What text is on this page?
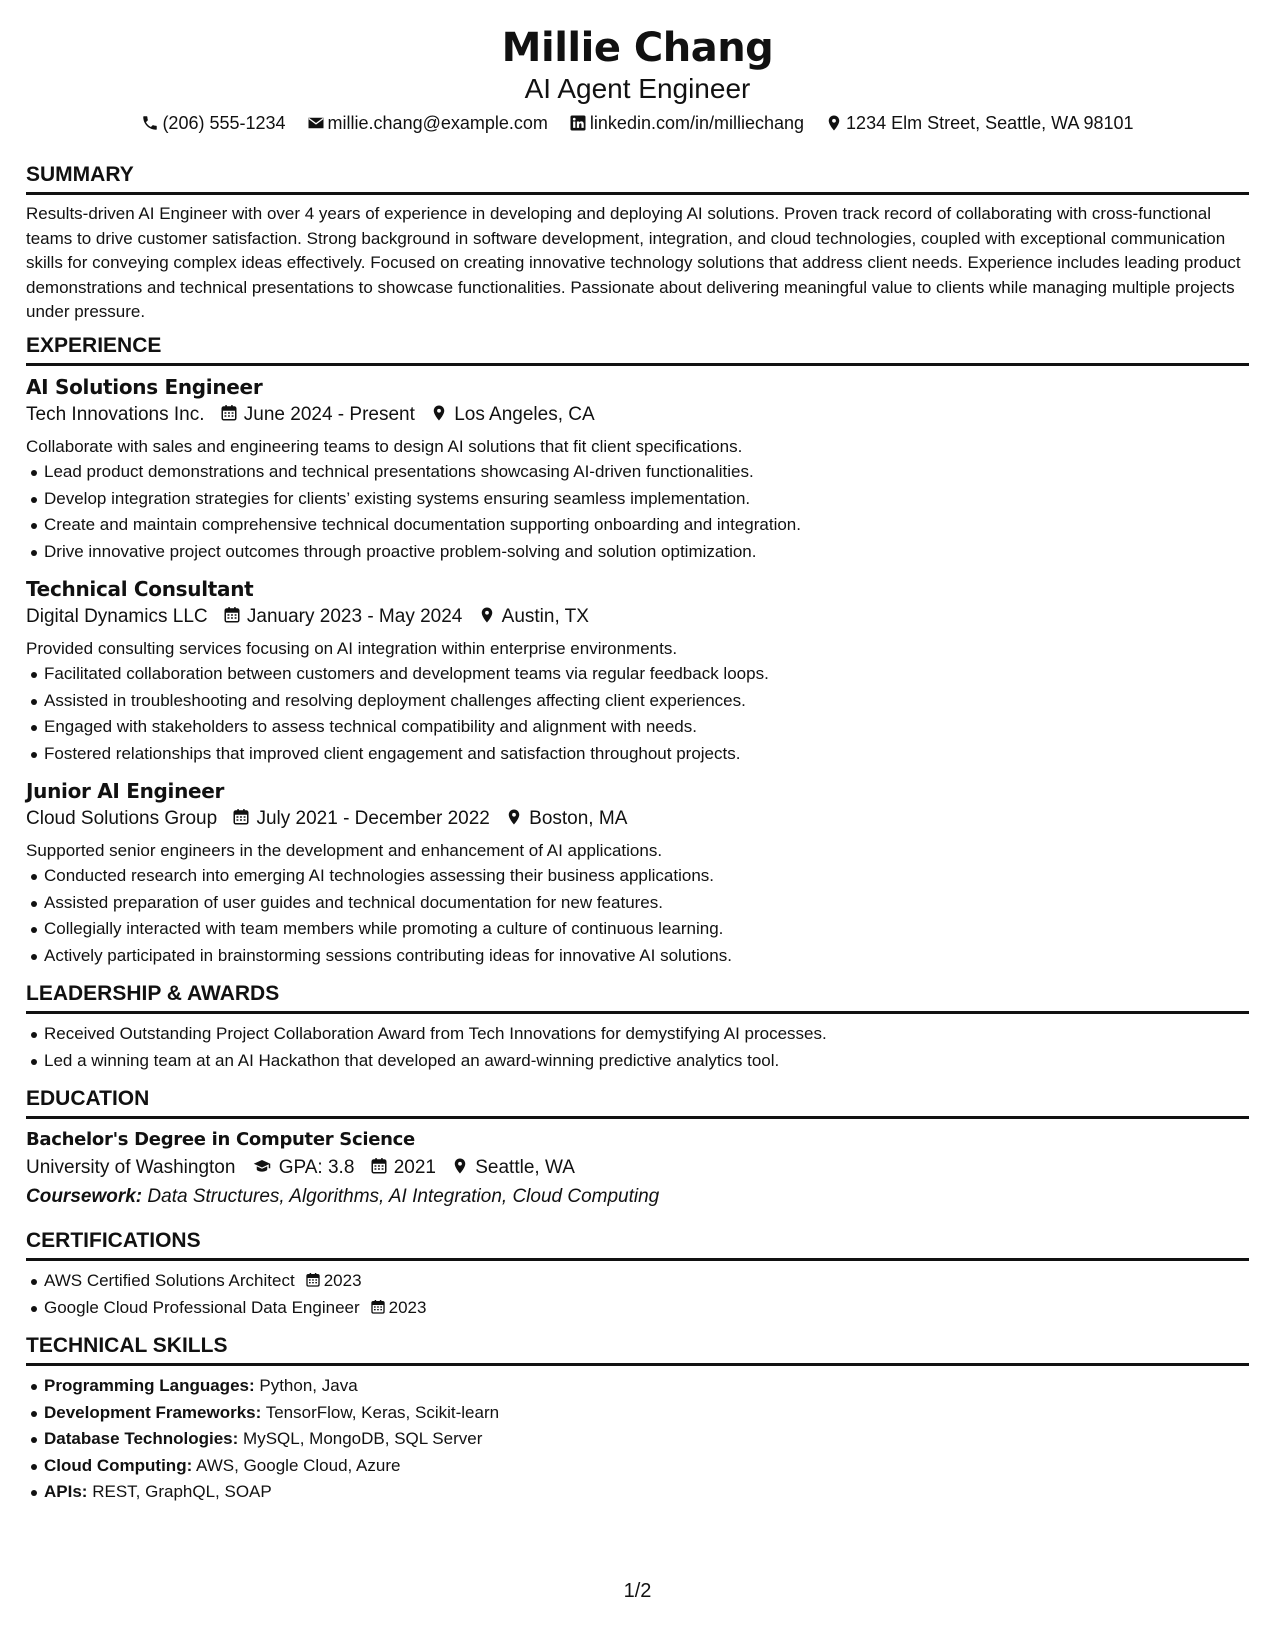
Millie Chang
AI Agent Engineer
(206) 555-1234 millie.chang@example.com linkedin.com/in/milliechang 1234 Elm Street, Seattle, WA 98101
SUMMARY

Results-driven AI Engineer with over 4 years of experience in developing and deploying AI solutions. Proven track record of collaborating with cross-functional teams to drive customer satisfaction. Strong background in software development, integration, and cloud technologies, coupled with exceptional communication skills for conveying complex ideas effectively. Focused on creating innovative technology solutions that address client needs. Experience includes leading product demonstrations and technical presentations to showcase functionalities. Passionate about delivering meaningful value to clients while managing multiple projects under pressure.

EXPERIENCE
AI Solutions Engineer
Tech Innovations Inc. June 2024 - Present Los Angeles, CA
Collaborate with sales and engineering teams to design AI solutions that fit client specifications.
Lead product demonstrations and technical presentations showcasing AI-driven functionalities.
Develop integration strategies for clients’ existing systems ensuring seamless implementation.
Create and maintain comprehensive technical documentation supporting onboarding and integration.
Drive innovative project outcomes through proactive problem-solving and solution optimization.
Technical Consultant
Digital Dynamics LLC January 2023 - May 2024 Austin, TX
Provided consulting services focusing on AI integration within enterprise environments.
Facilitated collaboration between customers and development teams via regular feedback loops.
Assisted in troubleshooting and resolving deployment challenges affecting client experiences.
Engaged with stakeholders to assess technical compatibility and alignment with needs.
Fostered relationships that improved client engagement and satisfaction throughout projects.
Junior AI Engineer
Cloud Solutions Group July 2021 - December 2022 Boston, MA
Supported senior engineers in the development and enhancement of AI applications.
Conducted research into emerging AI technologies assessing their business applications.
Assisted preparation of user guides and technical documentation for new features.
Collegially interacted with team members while promoting a culture of continuous learning.
Actively participated in brainstorming sessions contributing ideas for innovative AI solutions.
LEADERSHIP & AWARDS
Received Outstanding Project Collaboration Award from Tech Innovations for demystifying AI processes.
Led a winning team at an AI Hackathon that developed an award-winning predictive analytics tool.
EDUCATION
Bachelor's Degree in Computer Science
University of Washington GPA: 3.8 2021 Seattle, WA
Coursework: Data Structures, Algorithms, AI Integration, Cloud Computing
CERTIFICATIONS
AWS Certified Solutions Architect 2023
Google Cloud Professional Data Engineer 2023
TECHNICAL SKILLS
Programming Languages: Python, Java
Development Frameworks: TensorFlow, Keras, Scikit-learn
Database Technologies: MySQL, MongoDB, SQL Server
Cloud Computing: AWS, Google Cloud, Azure
APIs: REST, GraphQL, SOAP
1/2
